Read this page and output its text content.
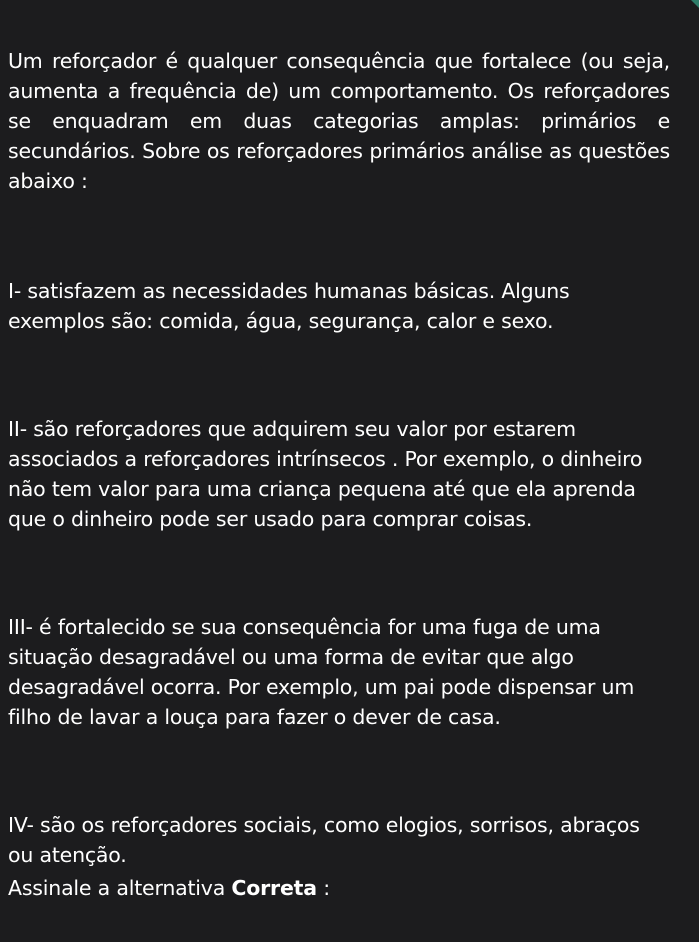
Um reforçador é qualquer consequência que fortalece (ou seja, aumenta a frequência de) um comportamento. Os reforçadores se enquadram em duas categorias amplas: primários e secundários. Sobre os reforçadores primários análise as questões abaixo :

I- satisfazem as necessidades humanas básicas. Alguns exemplos são: comida, água, segurança, calor e sexo.

II- são reforçadores que adquirem seu valor por estarem associados a reforçadores intrínsecos . Por exemplo, o dinheiro não tem valor para uma criança pequena até que ela aprenda que o dinheiro pode ser usado para comprar coisas.

III- é fortalecido se sua consequência for uma fuga de uma situação desagradável ou uma forma de evitar que algo desagradável ocorra. Por exemplo, um pai pode dispensar um filho de lavar a louça para fazer o dever de casa.

IV- são os reforçadores sociais, como elogios, sorrisos, abraços ou atenção.

Assinale a alternativa Correta :
